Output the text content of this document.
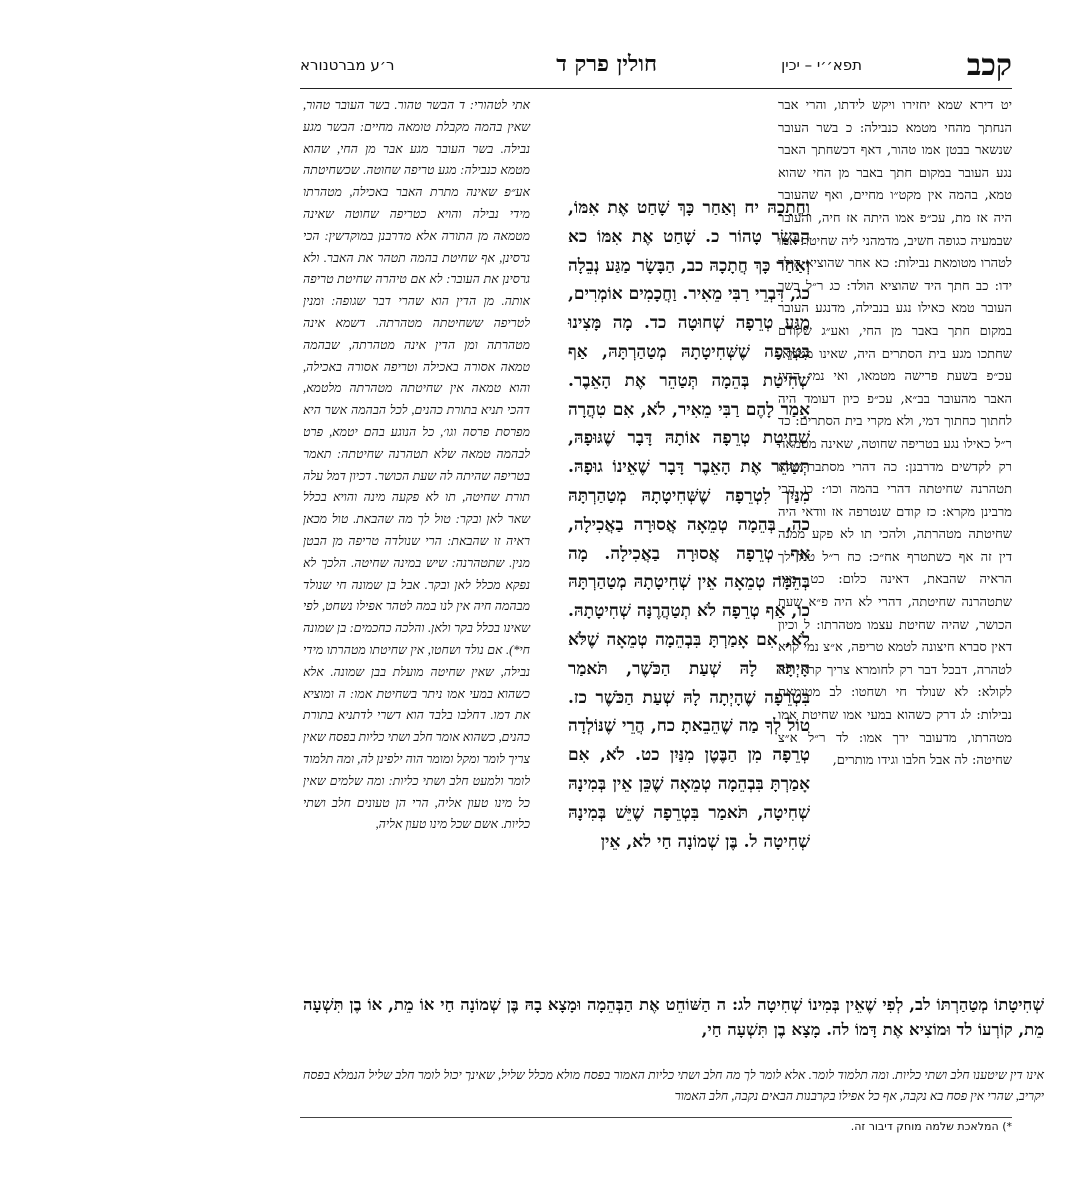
קכב
תפא׳׳י – יכין
חולין פרק ד
ר׳ע מברטנורא
יט דירא שמא יחזירו ויקש לידתו, והרי אבר הנחתך מהחי מטמא כנבילה: כ בשר העובר שנשאר בבטן אמו טהור, דאף דכשחתך האבר נגע העובר במקום חתך באבר מן החי שהוא טמא, בהמה אין מקט״ו מחיים, ואף שהעובר היה אז מת, עכ״פ אמו היתה אז חיה, והעובר שבמעיה כגופה חשיב, מדמהני ליה שחיטת אמו לטהרו מטומאת נבילות: כא אחר שהוציא הולד ידו: כב חתך היד שהוציא הולד: כג ר״ל בשר העובר טמא כאילו נגע בנבילה, מדנגע העובר במקום חתך באבר מן החי, ואע״ג שקודם שחתכו מגע בית הסתרים היה, שאינו מטמא, עכ״פ בשעת פרישה מטמאו, ואי נמי החיז האבר מהעובר בב״א, עכ״פ כיון דעומד היה לחתוך כחתוך דמי, ולא מקרי בית הסתרים: כד ר״ל כאילו נגע בטריפה שחוטה, שאינה מטמאה רק לקדשים מדרבנן: כה דהרי מסתבר שלא תטהרנה שחיטתה דהרי בהמה וכו׳: כו הכי מרבינן מקרא: כז קודם שנטרפה אז וודאי היה שחיטתה מטהרתה, ולהכי תו לא פקע ממנה דין זה אף כשתטרף אח״כ: כח ר״ל טול לך הראיה שהבאת, דאינה כלום: כט מנין שתטהרנה שחיטתה, דהרי לא היה פ״א שעת הכושר, שהיה שחיטת עצמו מטהרתו: ל וכיון דאין סברא חיצונה לטמא טריפה, א״צ נמי קרא לטהרה, דבכל דבר רק לחומרא צריך קרא ולא לקולא: לא שנולד חי ושחטו: לב מטומאת נבילות: לג דרק כשהוא במעי אמו שחיטת אמו מטהרתו, מדעובר ירך אמו: לד ר״ל א״צ שחיטה: לה אבל חלבו וגידו מותרים,
וַחֲתָכָהּ יח וְאַחַר כָּךְ שָׁחַט אֶת אִמּוֹ, הַבָּשָׂר טָהוֹר כ. שָׁחַט אֶת אִמּוֹ כא וְאַחַר כָּךְ חֲתָכָהּ כב, הַבָּשָׂר מַגַּע נְבֵלָה כג, דִּבְרֵי רַבִּי מֵאִיר. וַחֲכָמִים אוֹמְרִים, מַגַּע טְרֵפָה שְׁחוּטָה כד. מָה מָּצִינוּ בִטְרֵפָה שֶׁשְּׁחִיטָתָהּ מְטַהַרְתָּהּ, אַף שְׁחִיטַת בְּהֵמָה תְּטַהֵר אֶת הָאֵבֶר. אָמַר לָהֶם רַבִּי מֵאִיר, לֹא, אִם טִהֲרָה שְׁחִיטַת טְרֵפָה אוֹתָהּ דָּבָר שֶׁגּוּפָהּ, תְּטַהֵר אֶת הָאֵבֶר דָּבָר שֶׁאֵינוֹ גוּפָהּ. מִנַּיִן לִטְרֵפָה שֶׁשְּׁחִיטָתָהּ מְטַהַרְתָּהּ כה, בְּהֵמָה טְמֵאָה אֲסוּרָה בַאֲכִילָה, אַף טְרֵפָה אֲסוּרָה בַאֲכִילָה. מָה בְּהֵמָה טְמֵאָה אֵין שְׁחִיטָתָהּ מְטַהַרְתָּהּ כו, אַף טְרֵפָה לֹא תְטַהֲרֶנָּה שְׁחִיטָתָהּ. לֹא, אִם אָמַרְתָּ בִּבְהֵמָה טְמֵאָה שֶׁלֹּא הָיְתָה לָהּ שְׁעַת הַכֹּשֶׁר, תֹּאמַר בִּטְרֵפָה שֶׁהָיְתָה לָהּ שְׁעַת הַכֹּשֶׁר כז. טוֹל לְךָ מַה שֶׁהֵבֵאתָ כח, הֲרֵי שֶׁנּוֹלְדָה טְרֵפָה מִן הַבֶּטֶן מִנַּיִן כט. לֹא, אִם אָמַרְתָּ בִּבְהֵמָה טְמֵאָה שֶׁכֵּן אֵין בְּמִינָהּ שְׁחִיטָה, תֹּאמַר בִּטְרֵפָה שֶׁיֵּשׁ בְּמִינָהּ שְׁחִיטָה ל. בֶּן שְׁמוֹנָה חַי לא, אֵין
אתי לטהורי: ד הבשר טהור. בשר העובר טהור, שאין בהמה מקבלת טומאה מחיים: הבשר מגע נבילה. בשר העובר מגע אבר מן החי, שהוא מטמא כנבילה: מגע טריפה שחוטה. שכשחיטתה אע״פ שאינה מתרת האבר באכילה, מטהרתו מידי נבילה והויא כטריפה שחוטה שאינה מטמאה מן התורה אלא מדרבנן במוקדשין: הכי גרסינן, אף שחיטת בהמה תטהר את האבר. ולא גרסינן את העובר: לא אם טיהרה שחיטת טריפה אותה. מן הדין הוא שהרי דבר שגופה: ומנין לטריפה ששחיטתה מטהרתה. דשמא אינה מטהרתה ומן הדין אינה מטהרתה, שבהמה טמאה אסורה באכילה וטריפה אסורה באכילה, והוא טמאה אין שחיטתה מטהרתה מלטמא, דהכי תניא בתורת כהנים, לכל הבהמה אשר היא מפרסת פרסה וגו׳, כל הנוגע בהם יטמא, פרט לבהמה טמאה שלא תטהרנה שחיטתה: תאמר בטריפה שהיתה לה שעת הכושר. דכיון דמל עלה תורת שחיטה, תו לא פקעה מינה והויא בכלל שאר לאן ובקר: טול לך מה שהבאת. טול מכאן ראיה זו שהבאת: הרי שנולדה טריפה מן הבטן מנין. שתטהרנה: שיש במינה שחיטה. הלכך לא נפקא מכלל לאן ובקר. אבל בן שמונה חי שנולד מבהמה חיה אין לנו במה לטהר אפילו נשחט, לפי שאינו בכלל בקר ולאן. והלכה כחכמים: בן שמונה חי*). אם נולד ושחטו, אין שחיטתו מטהרתו מידי נבילה, שאין שחיטה מועלת בבן שמונה. אלא כשהוא במעי אמו ניתר בשחיטת אמו: ה ומוציא את דמו. דחלבו בלבד הוא דשרי לדתניא בתורת כהנים, כשהוא אומר חלב ושתי כליות בפסח שאין צריך לומר ומקל ומומר הוה ילפינן לה, ומה תלמוד לומר ולמעט חלב ושתי כליות: ומה שלמים שאין כל מינו טעון אליה, הרי הן טעונים חלב ושתי כליות. אשם שכל מינו טעון אליה,
שְׁחִיטָתוֹ מְטַהַרְתּוֹ לב, לְפִי שֶׁאֵין בְּמִינוֹ שְׁחִיטָה לג: ה הַשּׁוֹחֵט אֶת הַבְּהֵמָה וּמָצָא בָהּ בֶּן שְׁמוֹנָה חַי אוֹ מֵת, אוֹ בֶן תִּשְׁעָה מֵת, קוֹרְעוֹ לד וּמוֹצִיא אֶת דָּמוֹ לה. מָצָא בֶן תִּשְׁעָה חַי,
אינו דין שיטענו חלב ושתי כליות. ומה תלמוד לומר. אלא לומר לך מה חלב ושתי כליות האמור בפסח מולא מכלל שליל, שאינך יכול לומר חלב שליל הנמלא בפסח יקריב, שהרי אין פסח בא נקבה, אף כל אפילו בקרבנות הבאים נקבה, חלב האמור
*) המלאכת שלמה מוחק דיבור זה.
